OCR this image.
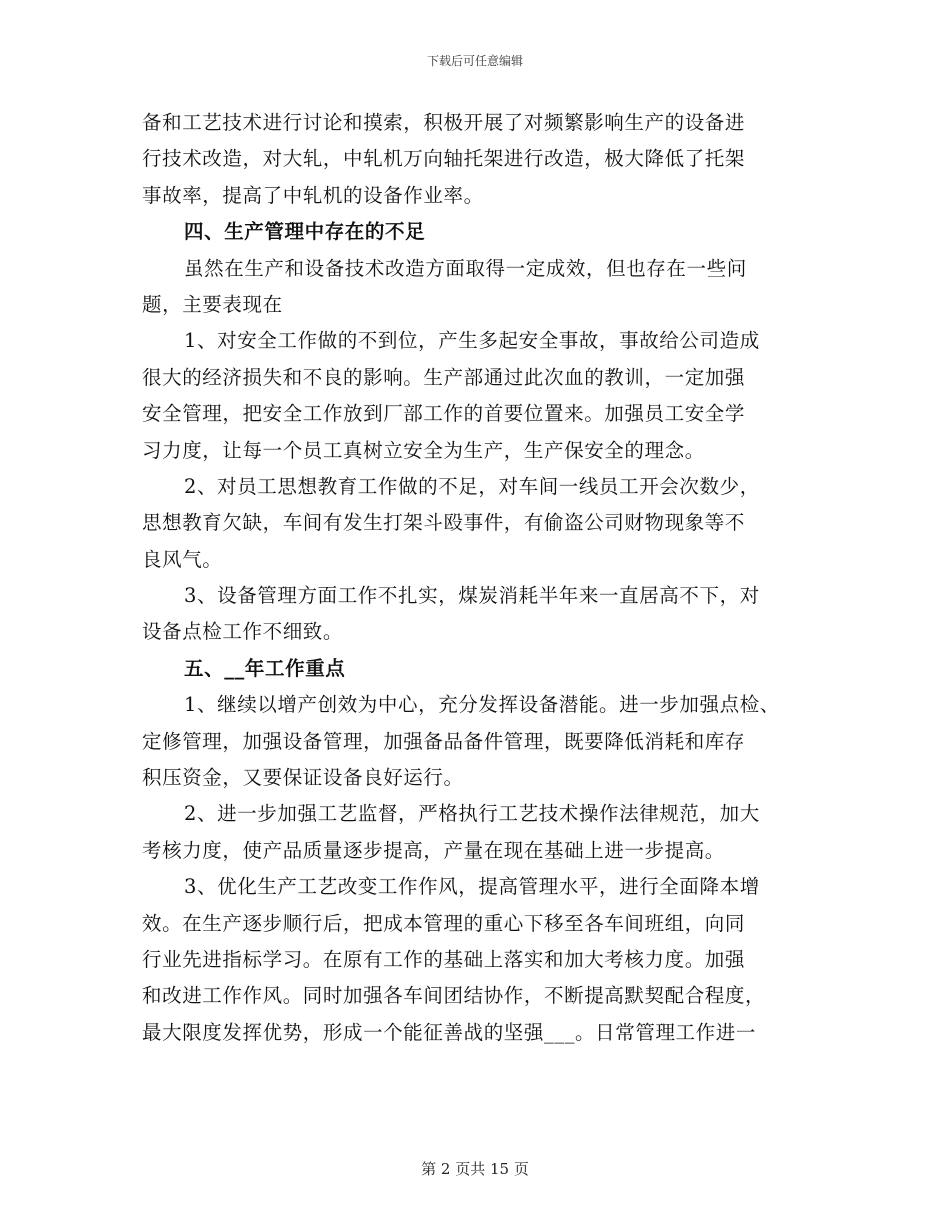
下载后可任意编辑
备和工艺技术进行讨论和摸索，积极开展了对频繁影响生产的设备进
行技术改造，对大轧，中轧机万向轴托架进行改造，极大降低了托架
事故率，提高了中轧机的设备作业率。
四、生产管理中存在的不足
虽然在生产和设备技术改造方面取得一定成效，但也存在一些问
题，主要表现在
1、对安全工作做的不到位，产生多起安全事故，事故给公司造成
很大的经济损失和不良的影响。生产部通过此次血的教训，一定加强
安全管理，把安全工作放到厂部工作的首要位置来。加强员工安全学
习力度，让每一个员工真树立安全为生产，生产保安全的理念。
2、对员工思想教育工作做的不足，对车间一线员工开会次数少，
思想教育欠缺，车间有发生打架斗殴事件，有偷盗公司财物现象等不
良风气。
3、设备管理方面工作不扎实，煤炭消耗半年来一直居高不下，对
设备点检工作不细致。
五、__年工作重点
1、继续以增产创效为中心，充分发挥设备潜能。进一步加强点检、
定修管理，加强设备管理，加强备品备件管理，既要降低消耗和库存
积压资金，又要保证设备良好运行。
2、进一步加强工艺监督，严格执行工艺技术操作法律规范，加大
考核力度，使产品质量逐步提高，产量在现在基础上进一步提高。
3、优化生产工艺改变工作作风，提高管理水平，进行全面降本增
效。在生产逐步顺行后，把成本管理的重心下移至各车间班组，向同
行业先进指标学习。在原有工作的基础上落实和加大考核力度。加强
和改进工作作风。同时加强各车间团结协作，不断提高默契配合程度，
最大限度发挥优势，形成一个能征善战的坚强___。日常管理工作进一
第 2 页共 15 页
